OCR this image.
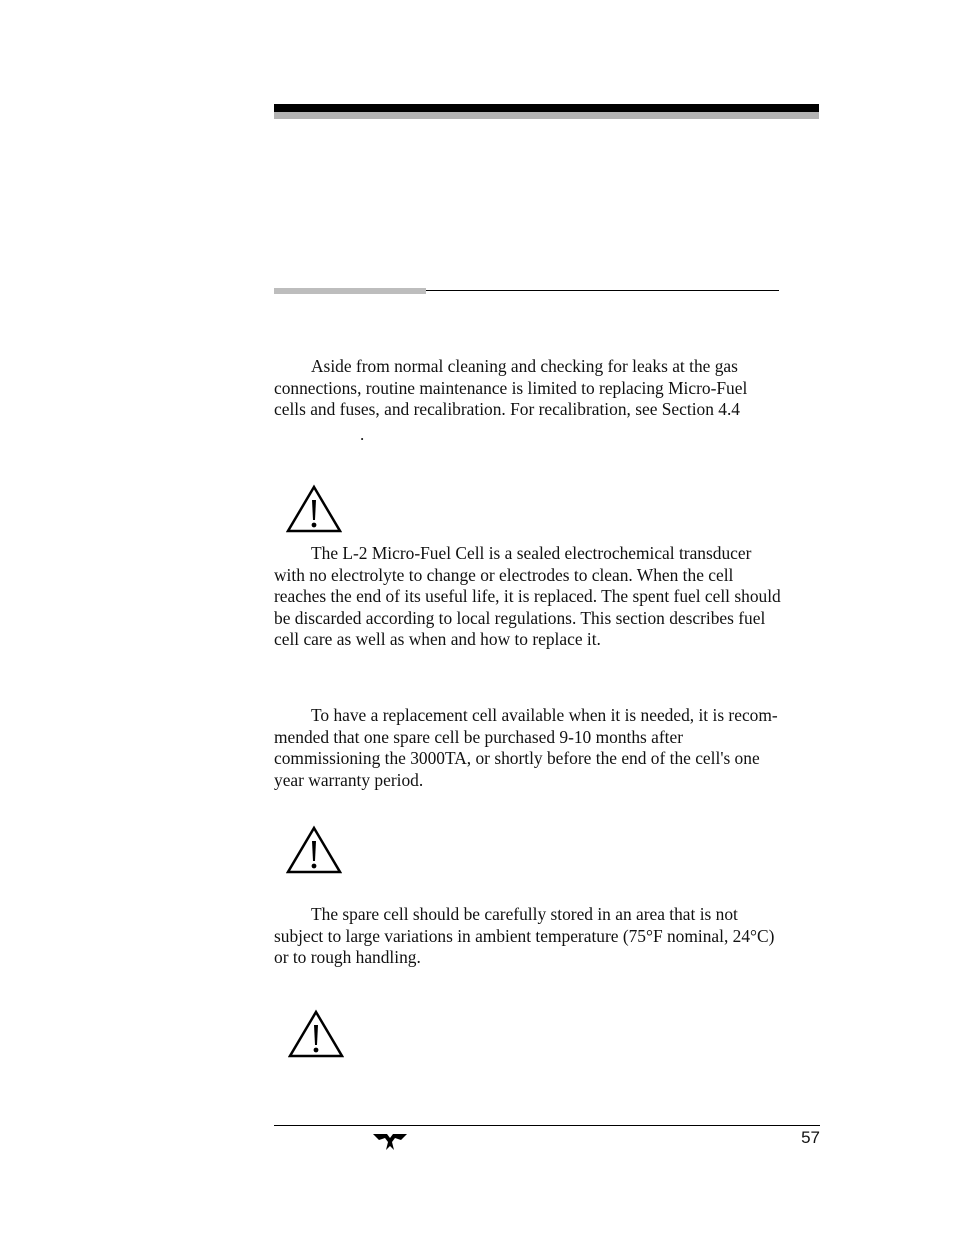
Aside from normal cleaning and checking for leaks at the gas
connections, routine maintenance is limited to replacing Micro-Fuel
cells and fuses, and recalibration. For recalibration, see Section 4.4

.

The L-2 Micro-Fuel Cell is a sealed electrochemical transducer
with no electrolyte to change or electrodes to clean. When the cell
reaches the end of its useful life, it is replaced. The spent fuel cell should
be discarded according to local regulations. This section describes fuel
cell care as well as when and how to replace it.

To have a replacement cell available when it is needed, it is recom-
mended that one spare cell be purchased 9-10 months after
commissioning the 3000TA, or shortly before the end of the cell's one
year warranty period.

The spare cell should be carefully stored in an area that is not
subject to large variations in ambient temperature (75°F nominal, 24°C)
or to rough handling.

57
